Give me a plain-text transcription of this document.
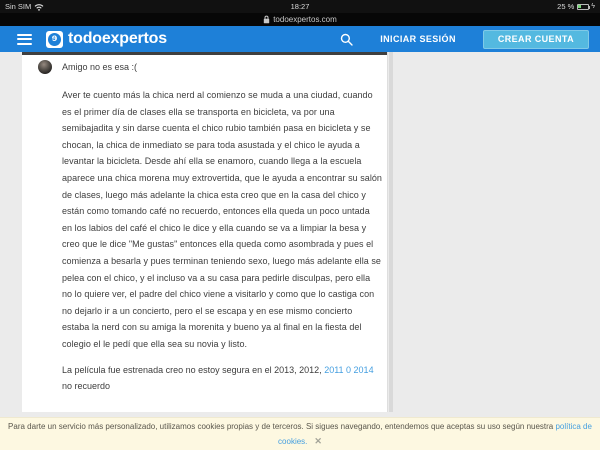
18:27
Sin SIM	25 % ϟ
todoexpertos.com
e todoexpertos	INICIAR SESIÓN	CREAR CUENTA
Amigo no es esa :(

Aver te cuento más la chica nerd al comienzo se muda a una ciudad, cuando es el primer día de clases ella se transporta en bicicleta, va por una semibajadita y sin darse cuenta el chico rubio también pasa en bicicleta y se chocan, la chica de inmediato se para toda asustada y el chico le ayuda a levantar la bicicleta. Desde ahí ella se enamoro, cuando llega a la escuela aparece una chica morena muy extrovertida, que le ayuda a encontrar su salón de clases, luego más adelante la chica esta creo que en la casa del chico y están como tomando café no recuerdo, entonces ella queda un poco untada en los labios del café el chico le dice y ella cuando se va a limpiar la besa y creo que le dice "Me gustas" entonces ella queda como asombrada y pues el comienza a besarla y pues terminan teniendo sexo, luego más adelante ella se pelea con el chico, y el incluso va a su casa para pedirle disculpas, pero ella no lo quiere ver, el padre del chico viene a visitarlo y como que lo castiga con no dejarlo ir a un concierto, pero el se escapa y en ese mismo concierto estaba la nerd con su amiga la morenita y bueno ya al final en la fiesta del colegio el le pedí que ella sea su novia y listo.

La película fue estrenada creo no estoy segura en el 2013, 2012, 2011 0 2014 no recuerdo

Para darte un servicio más personalizado, utilizamos cookies propias y de terceros. Si sigues navegando, entendemos que aceptas su uso según nuestra política de cookies. ✕
